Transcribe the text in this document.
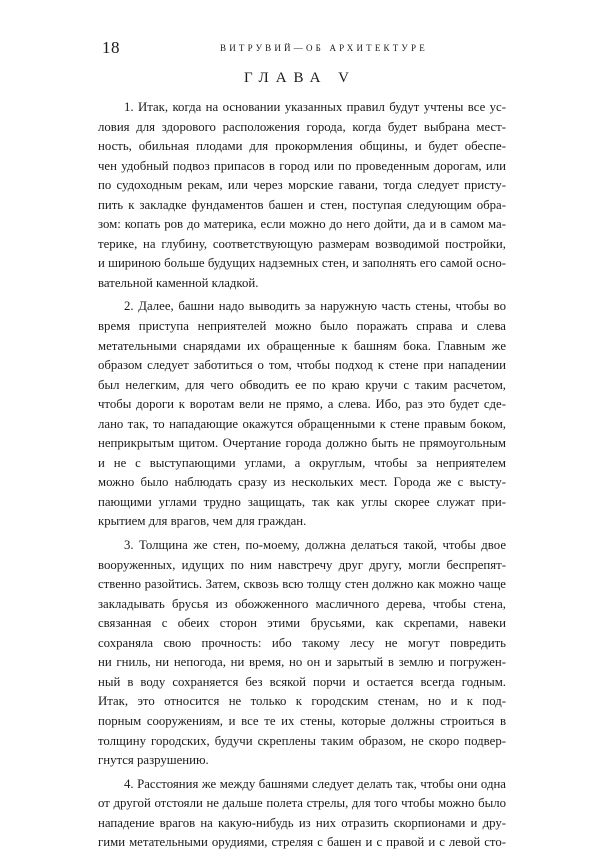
18	ВИТРУВИЙ—ОБ АРХИТЕКТУРЕ
ГЛАВА V
1. Итак, когда на основании указанных правил будут учтены все ус-
ловия для здорового расположения города, когда будет выбрана мест-
ность, обильная плодами для прокормления общины, и будет обеспе-
чен удобный подвоз припасов в город или по проведенным дорогам, или
по судоходным рекам, или через морские гавани, тогда следует присту-
пить к закладке фундаментов башен и стен, поступая следующим обра-
зом: копать ров до материка, если можно до него дойти, да и в самом ма-
терике, на глубину, соответствующую размерам возводимой постройки,
и шириною больше будущих надземных стен, и заполнять его самой осно-
вательной каменной кладкой.
2. Далее, башни надо выводить за наружную часть стены, чтобы во
время приступа неприятелей можно было поражать справа и слева
метательными снарядами их обращенные к башням бока. Главным же
образом следует заботиться о том, чтобы подход к стене при нападении
был нелегким, для чего обводить ее по краю кручи с таким расчетом,
чтобы дороги к воротам вели не прямо, а слева. Ибо, раз это будет сде-
лано так, то нападающие окажутся обращенными к стене правым боком,
неприкрытым щитом. Очертание города должно быть не прямоугольным
и не с выступающими углами, а округлым, чтобы за неприятелем
можно было наблюдать сразу из нескольких мест. Города же с высту-
пающими углами трудно защищать, так как углы скорее служат при-
крытием для врагов, чем для граждан.
3. Толщина же стен, по-моему, должна делаться такой, чтобы двое
вооруженных, идущих по ним навстречу друг другу, могли беспрепят-
ственно разойтись. Затем, сквозь всю толщу стен должно как можно чаще
закладывать брусья из обожженного масличного дерева, чтобы стена,
связанная с обеих сторон этими брусьями, как скрепами, навеки
сохраняла свою прочность: ибо такому лесу не могут повредить
ни гниль, ни непогода, ни время, но он и зарытый в землю и погружен-
ный в воду сохраняется без всякой порчи и остается всегда годным.
Итак, это относится не только к городским стенам, но и к под-
порным сооружениям, и все те их стены, которые должны строиться в
толщину городских, будучи скреплены таким образом, не скоро подвер-
гнутся разрушению.
4. Расстояния же между башнями следует делать так, чтобы они одна
от другой отстояли не дальше полета стрелы, для того чтобы можно было
нападение врагов на какую-нибудь из них отразить скорпионами и дру-
гими метательными орудиями, стреляя с башен и с правой и с левой сто-
